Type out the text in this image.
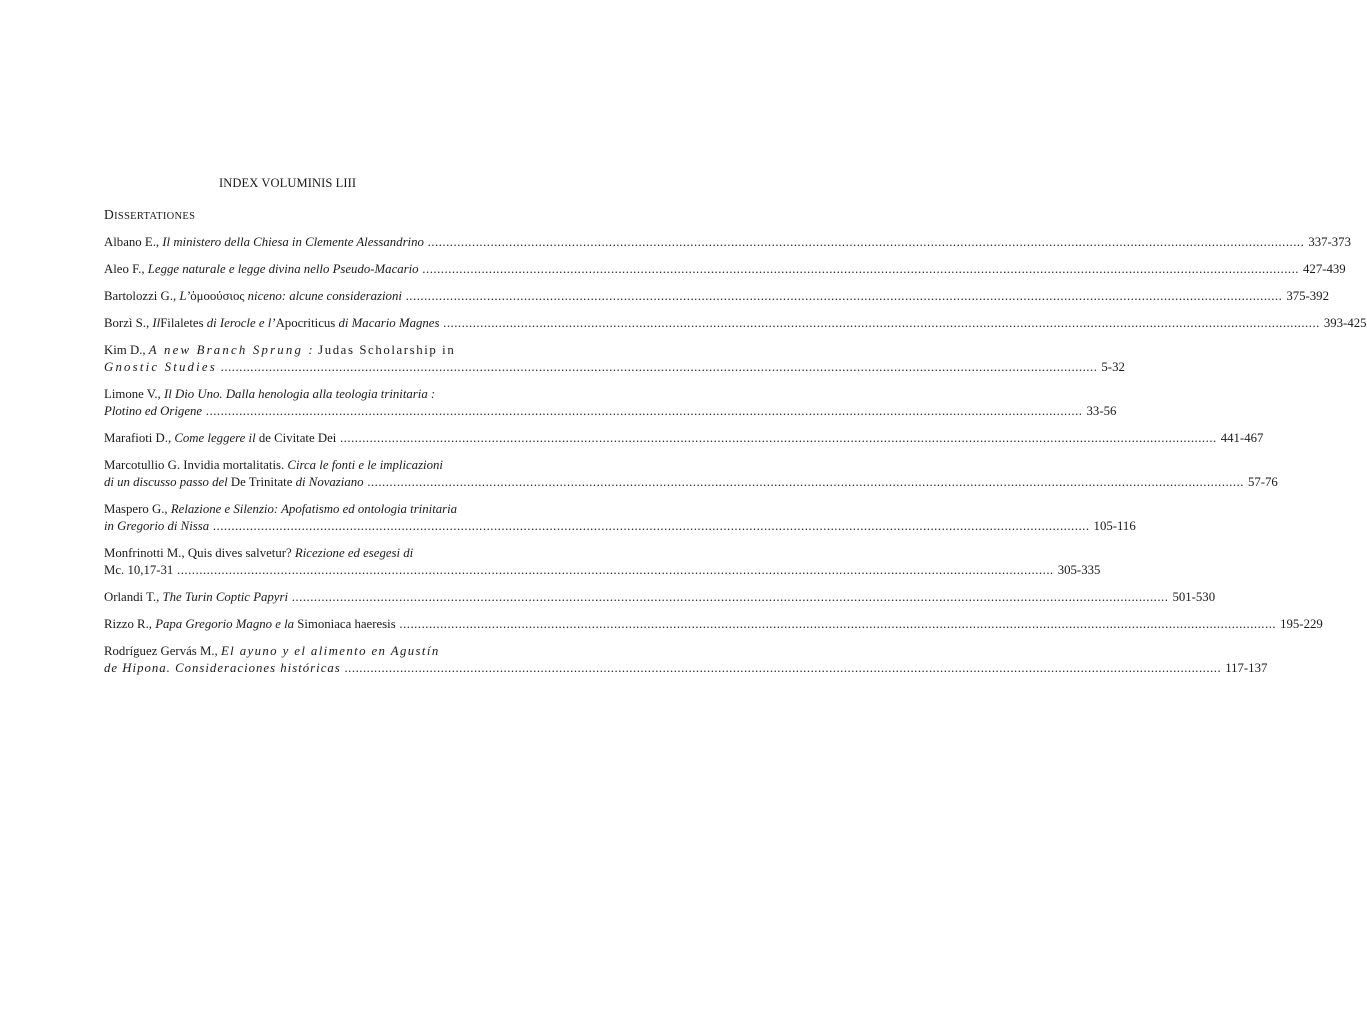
INDEX VOLUMINIS LIII
DISSERTATIONES
Albano E., Il ministero della Chiesa in Clemente Alessandrino .....	337-373
Aleo F., Legge naturale e legge divina nello Pseudo-Macario .....	427-439
Bartolozzi G., L’ὁμοούσιος niceno: alcune considerazioni .....	375-392
Borzì S., IlFilaletes di Ierocle e l’Apocriticus di Macario Magnes .....	393-425
Kim D., A new Branch Sprung : Judas Scholarship in
Gnostic Studies .....	5-32
Limone V., Il Dio Uno. Dalla henologia alla teologia trinitaria :
Plotino ed Origene .....	33-56
Marafioti D., Come leggere il de Civitate Dei .....	441-467
Marcotullio G. Invidia mortalitatis. Circa le fonti e le implicazioni
di un discusso passo del De Trinitate di Novaziano .....	57-76
Maspero G., Relazione e Silenzio: Apofatismo ed ontologia trinitaria
in Gregorio di Nissa .....	105-116
Monfrinotti M., Quis dives salvetur? Ricezione ed esegesi di
Mc. 10,17-31 .....	305-335
Orlandi T., The Turin Coptic Papyri .....	501-530
Rizzo R., Papa Gregorio Magno e la Simoniaca haeresis .....	195-229
Rodríguez Gervás M., El ayuno y el alimento en Agustín
de Hipona. Consideraciones históricas .....	117-137
